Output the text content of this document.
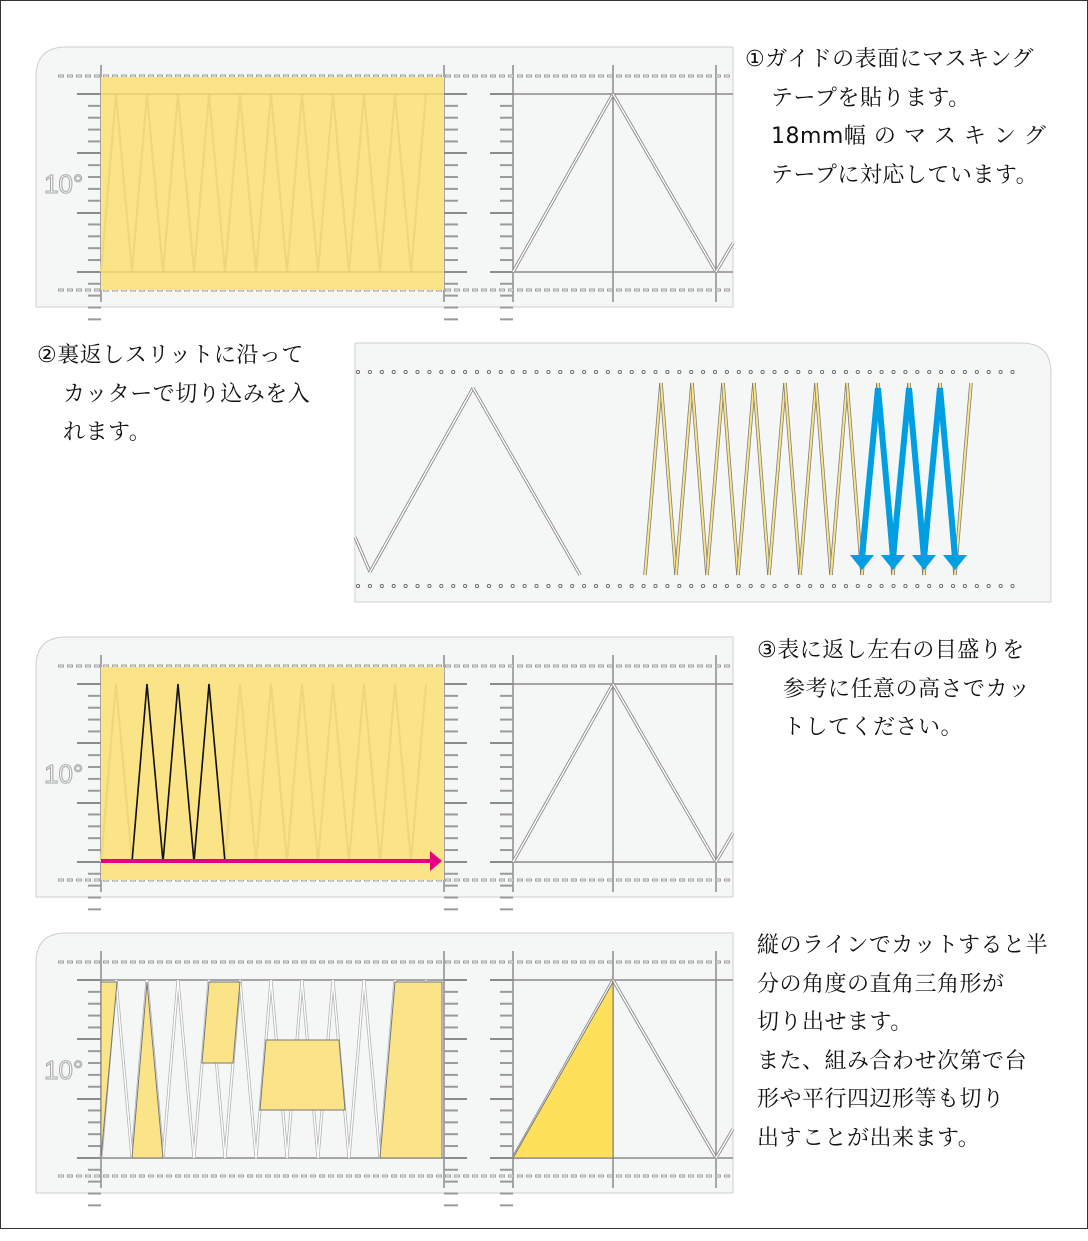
10°
10°
10°
①ガイドの表面にマスキング
テープを貼ります。
18mm幅 の マ ス キ ン グ
テープに対応しています。
②裏返しスリットに沿って
カッターで切り込みを入
れます。
③表に返し左右の目盛りを
参考に任意の高さでカッ
トしてください。
縦のラインでカットすると半
分の角度の直角三角形が
切り出せます。
また、組み合わせ次第で台
形や平行四辺形等も切り
出すことが出来ます。
